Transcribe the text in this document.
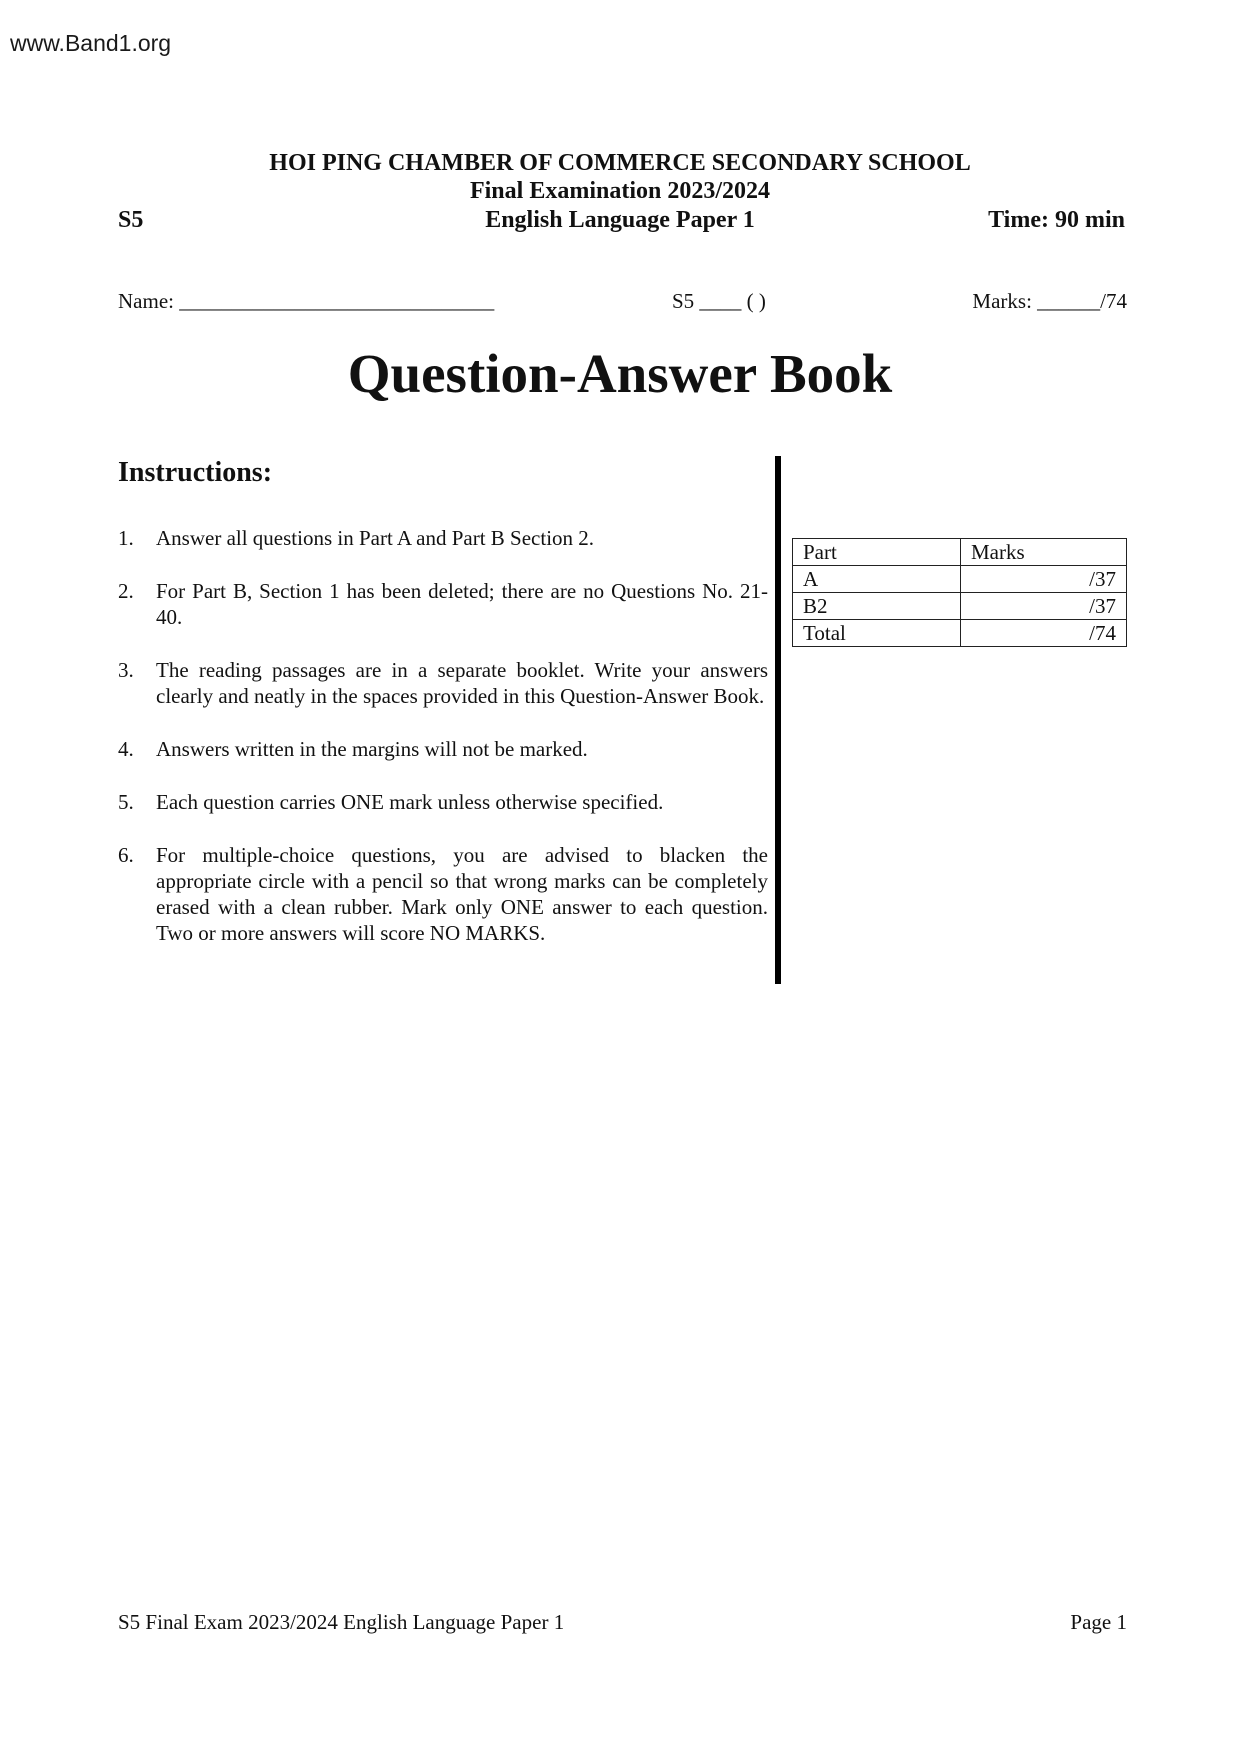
www.Band1.org
HOI PING CHAMBER OF COMMERCE SECONDARY SCHOOL
Final Examination 2023/2024
S5	English Language Paper 1	Time: 90 min
Name: ______________________________	S5 ____ ( )	Marks: ______/74
Question-Answer Book
Instructions:
1.	Answer all questions in Part A and Part B Section 2.
2.	For Part B, Section 1 has been deleted; there are no Questions No. 21-40.
3.	The reading passages are in a separate booklet. Write your answers clearly and neatly in the spaces provided in this Question-Answer Book.
4.	Answers written in the margins will not be marked.
5.	Each question carries ONE mark unless otherwise specified.
6.	For multiple-choice questions, you are advised to blacken the appropriate circle with a pencil so that wrong marks can be completely erased with a clean rubber. Mark only ONE answer to each question. Two or more answers will score NO MARKS.
Part	Marks
A	/37
B2	/37
Total	/74
S5 Final Exam 2023/2024 English Language Paper 1	Page 1
